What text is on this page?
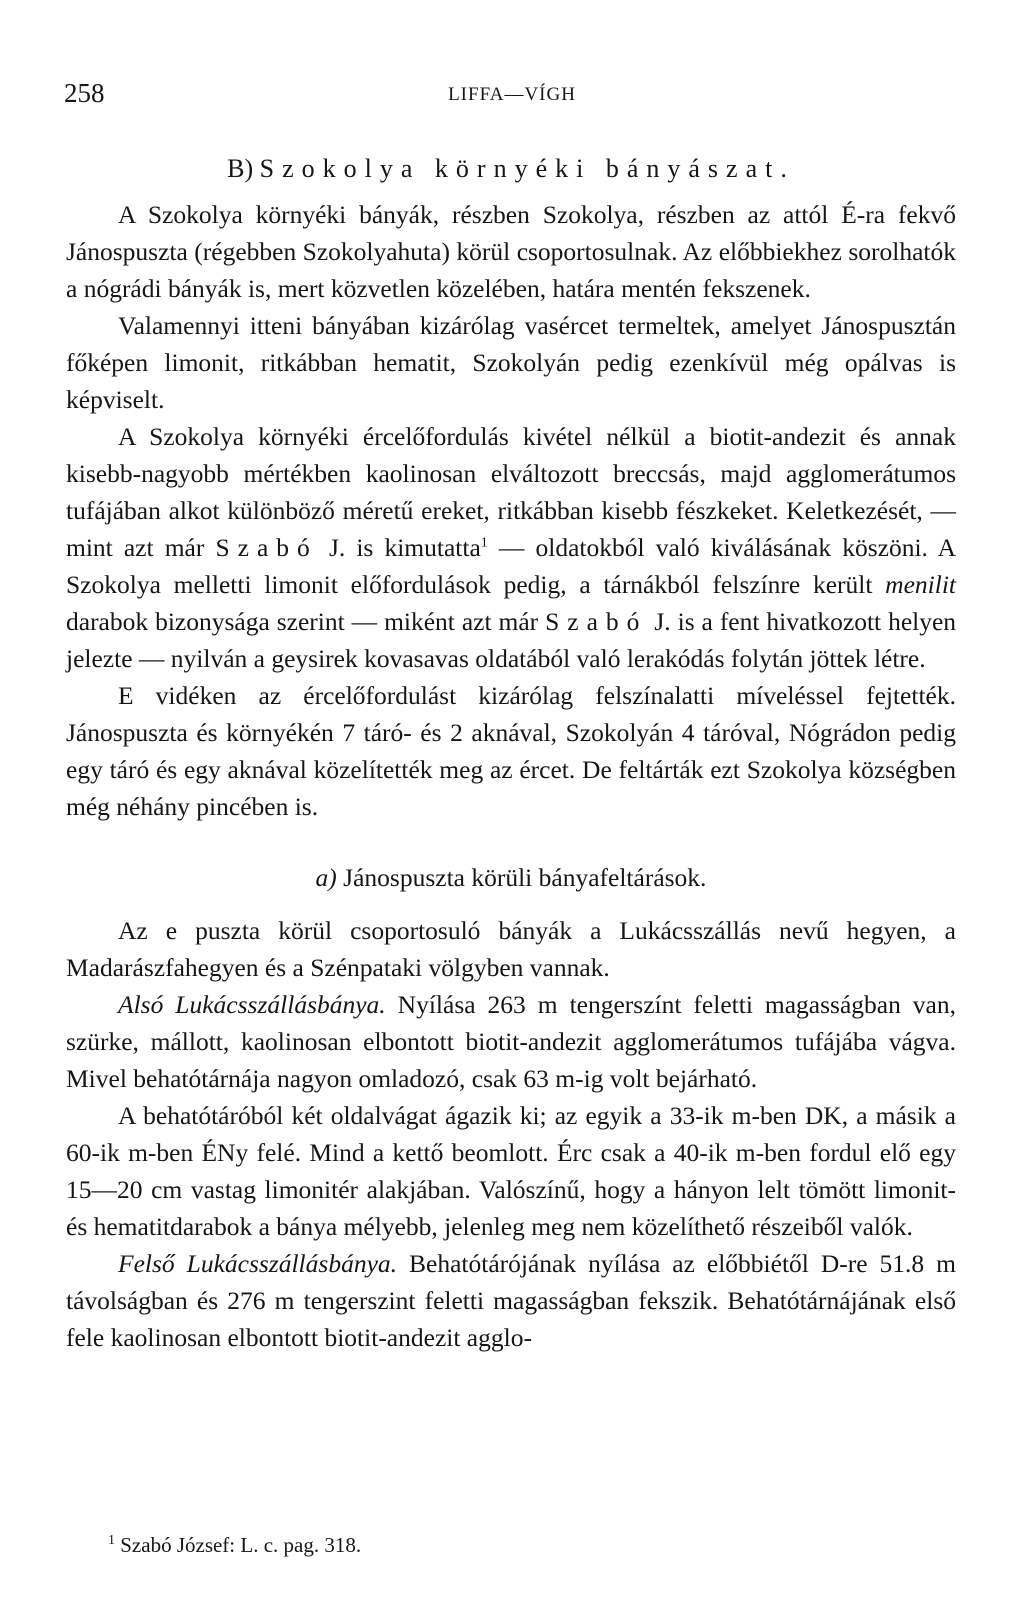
258	LIFFA—VÍGH
B) Szokolya környéki bányászat.

A Szokolya környéki bányák, részben Szokolya, részben az attól É-ra fekvő Jánospuszta (régebben Szokolyahuta) körül csoportosulnak. Az előbbiekhez sorolhatók a nógrádi bányák is, mert közvetlen közelében, határa mentén fekszenek.

Valamennyi itteni bányában kizárólag vasércet termeltek, amelyet Jánospusztán főképen limonit, ritkábban hematit, Szokolyán pedig ezenkívül még opálvas is képviselt.

A Szokolya környéki ércelőfordulás kivétel nélkül a biotit-andezit és annak kisebb-nagyobb mértékben kaolinosan elváltozott breccsás, majd agglomerátumos tufájában alkot különböző méretű ereket, ritkábban kisebb fészkeket. Keletkezését, — mint azt már Szabó J. is kimutatta$^1$ — oldatokból való kiválásának köszöni. A Szokolya melletti limonit előfordulások pedig, a tárnákból felszínre került menilit darabok bizonysága szerint — miként azt már Szabó J. is a fent hivatkozott helyen jelezte — nyilván a geysirek kovasavas oldatából való lerakódás folytán jöttek létre.

E vidéken az ércelőfordulást kizárólag felszínalatti míveléssel fejtették. Jánospuszta és környékén 7 táró- és 2 aknával, Szokolyán 4 táróval, Nógrádon pedig egy táró és egy aknával közelítették meg az ércet. De feltárták ezt Szokolya községben még néhány pincében is.

a) Jánospuszta körüli bányafeltárások.

Az e puszta körül csoportosuló bányák a Lukácsszállás nevű hegyen, a Madarászfahegyen és a Szénpataki völgyben vannak.

Alsó Lukácsszállásbánya. Nyílása 263 m tengerszínt feletti magasságban van, szürke, mállott, kaolinosan elbontott biotit-andezit agglomerátumos tufájába vágva. Mivel behatótárnája nagyon omladozó, csak 63 m-ig volt bejárható.

A behatótáróból két oldalvágat ágazik ki; az egyik a 33-ik m-ben DK, a másik a 60-ik m-ben ÉNy felé. Mind a kettő beomlott. Érc csak a 40-ik m-ben fordul elő egy 15—20 cm vastag limonitér alakjában. Valószínű, hogy a hányon lelt tömött limonit- és hematitdarabok a bánya mélyebb, jelenleg meg nem közelíthető részeiből valók.

Felső Lukácsszállásbánya. Behatótárójának nyílása az előbbiétől D-re 51.8 m távolságban és 276 m tengerszint feletti magasságban fekszik. Behatótárnájának első fele kaolinosan elbontott biotit-andezit agglo-

$^1$ Szabó József: L. c. pag. 318.
